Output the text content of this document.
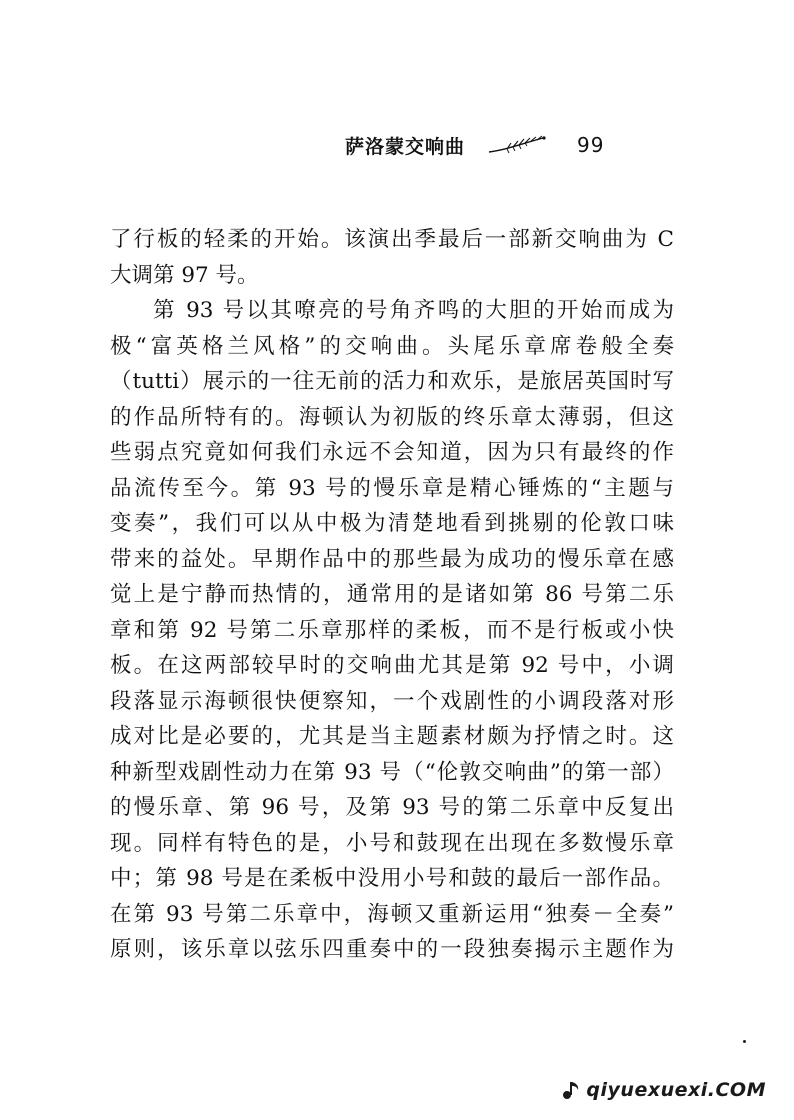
萨洛蒙交响曲	99
了行板的轻柔的开始。该演出季最后一部新交响曲为 C
大调第 97 号。
第 93 号以其嘹亮的号角齐鸣的大胆的开始而成为
极“富英格兰风格”的交响曲。头尾乐章席卷般全奏
（tutti）展示的一往无前的活力和欢乐，是旅居英国时写
的作品所特有的。海顿认为初版的终乐章太薄弱，但这
些弱点究竟如何我们永远不会知道，因为只有最终的作
品流传至今。第 93 号的慢乐章是精心锤炼的“主题与
变奏”，我们可以从中极为清楚地看到挑剔的伦敦口味
带来的益处。早期作品中的那些最为成功的慢乐章在感
觉上是宁静而热情的，通常用的是诸如第 86 号第二乐
章和第 92 号第二乐章那样的柔板，而不是行板或小快
板。在这两部较早时的交响曲尤其是第 92 号中，小调
段落显示海顿很快便察知，一个戏剧性的小调段落对形
成对比是必要的，尤其是当主题素材颇为抒情之时。这
种新型戏剧性动力在第 93 号（“伦敦交响曲”的第一部）
的慢乐章、第 96 号，及第 93 号的第二乐章中反复出
现。同样有特色的是，小号和鼓现在出现在多数慢乐章
中；第 98 号是在柔板中没用小号和鼓的最后一部作品。
在第 93 号第二乐章中，海顿又重新运用“独奏－全奏”
原则，该乐章以弦乐四重奏中的一段独奏揭示主题作为
qiyuexuexi.COM
